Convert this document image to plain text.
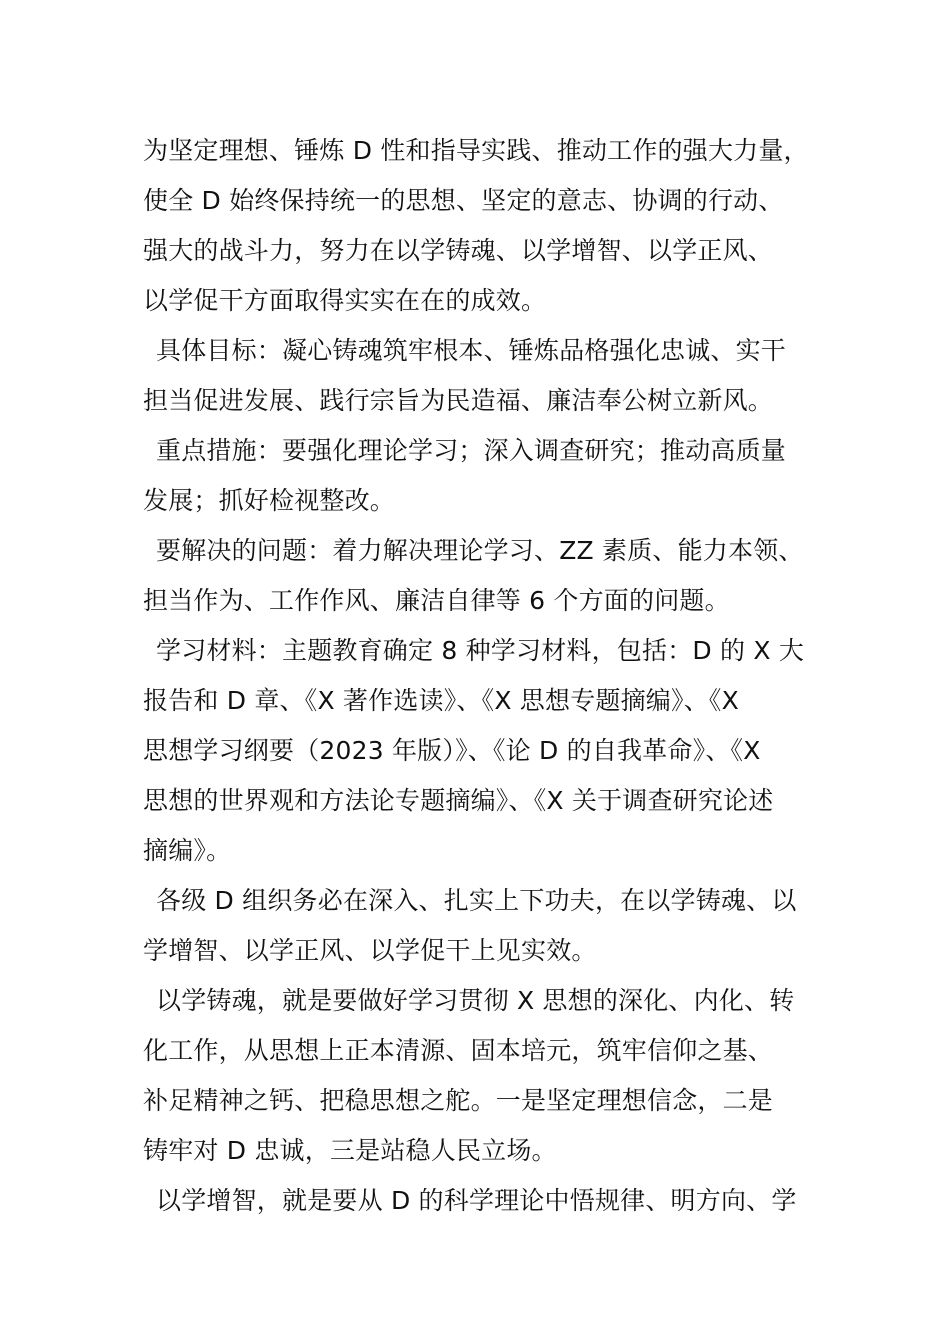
为坚定理想、锤炼 D 性和指导实践、推动工作的强大力量，
使全 D 始终保持统一的思想、坚定的意志、协调的行动、
强大的战斗力，努力在以学铸魂、以学增智、以学正风、
以学促干方面取得实实在在的成效。
具体目标：凝心铸魂筑牢根本、锤炼品格强化忠诚、实干
担当促进发展、践行宗旨为民造福、廉洁奉公树立新风。
重点措施：要强化理论学习；深入调查研究；推动高质量
发展；抓好检视整改。
要解决的问题：着力解决理论学习、ZZ 素质、能力本领、
担当作为、工作作风、廉洁自律等 6 个方面的问题。
学习材料：主题教育确定 8 种学习材料，包括：D 的 X 大
报告和 D 章、《X 著作选读》、《X 思想专题摘编》、《X
思想学习纲要（2023 年版）》、《论 D 的自我革命》、《X
思想的世界观和方法论专题摘编》、《X 关于调查研究论述
摘编》。
各级 D 组织务必在深入、扎实上下功夫，在以学铸魂、以
学增智、以学正风、以学促干上见实效。
以学铸魂，就是要做好学习贯彻 X 思想的深化、内化、转
化工作，从思想上正本清源、固本培元，筑牢信仰之基、
补足精神之钙、把稳思想之舵。一是坚定理想信念，二是
铸牢对 D 忠诚，三是站稳人民立场。
以学增智，就是要从 D 的科学理论中悟规律、明方向、学
